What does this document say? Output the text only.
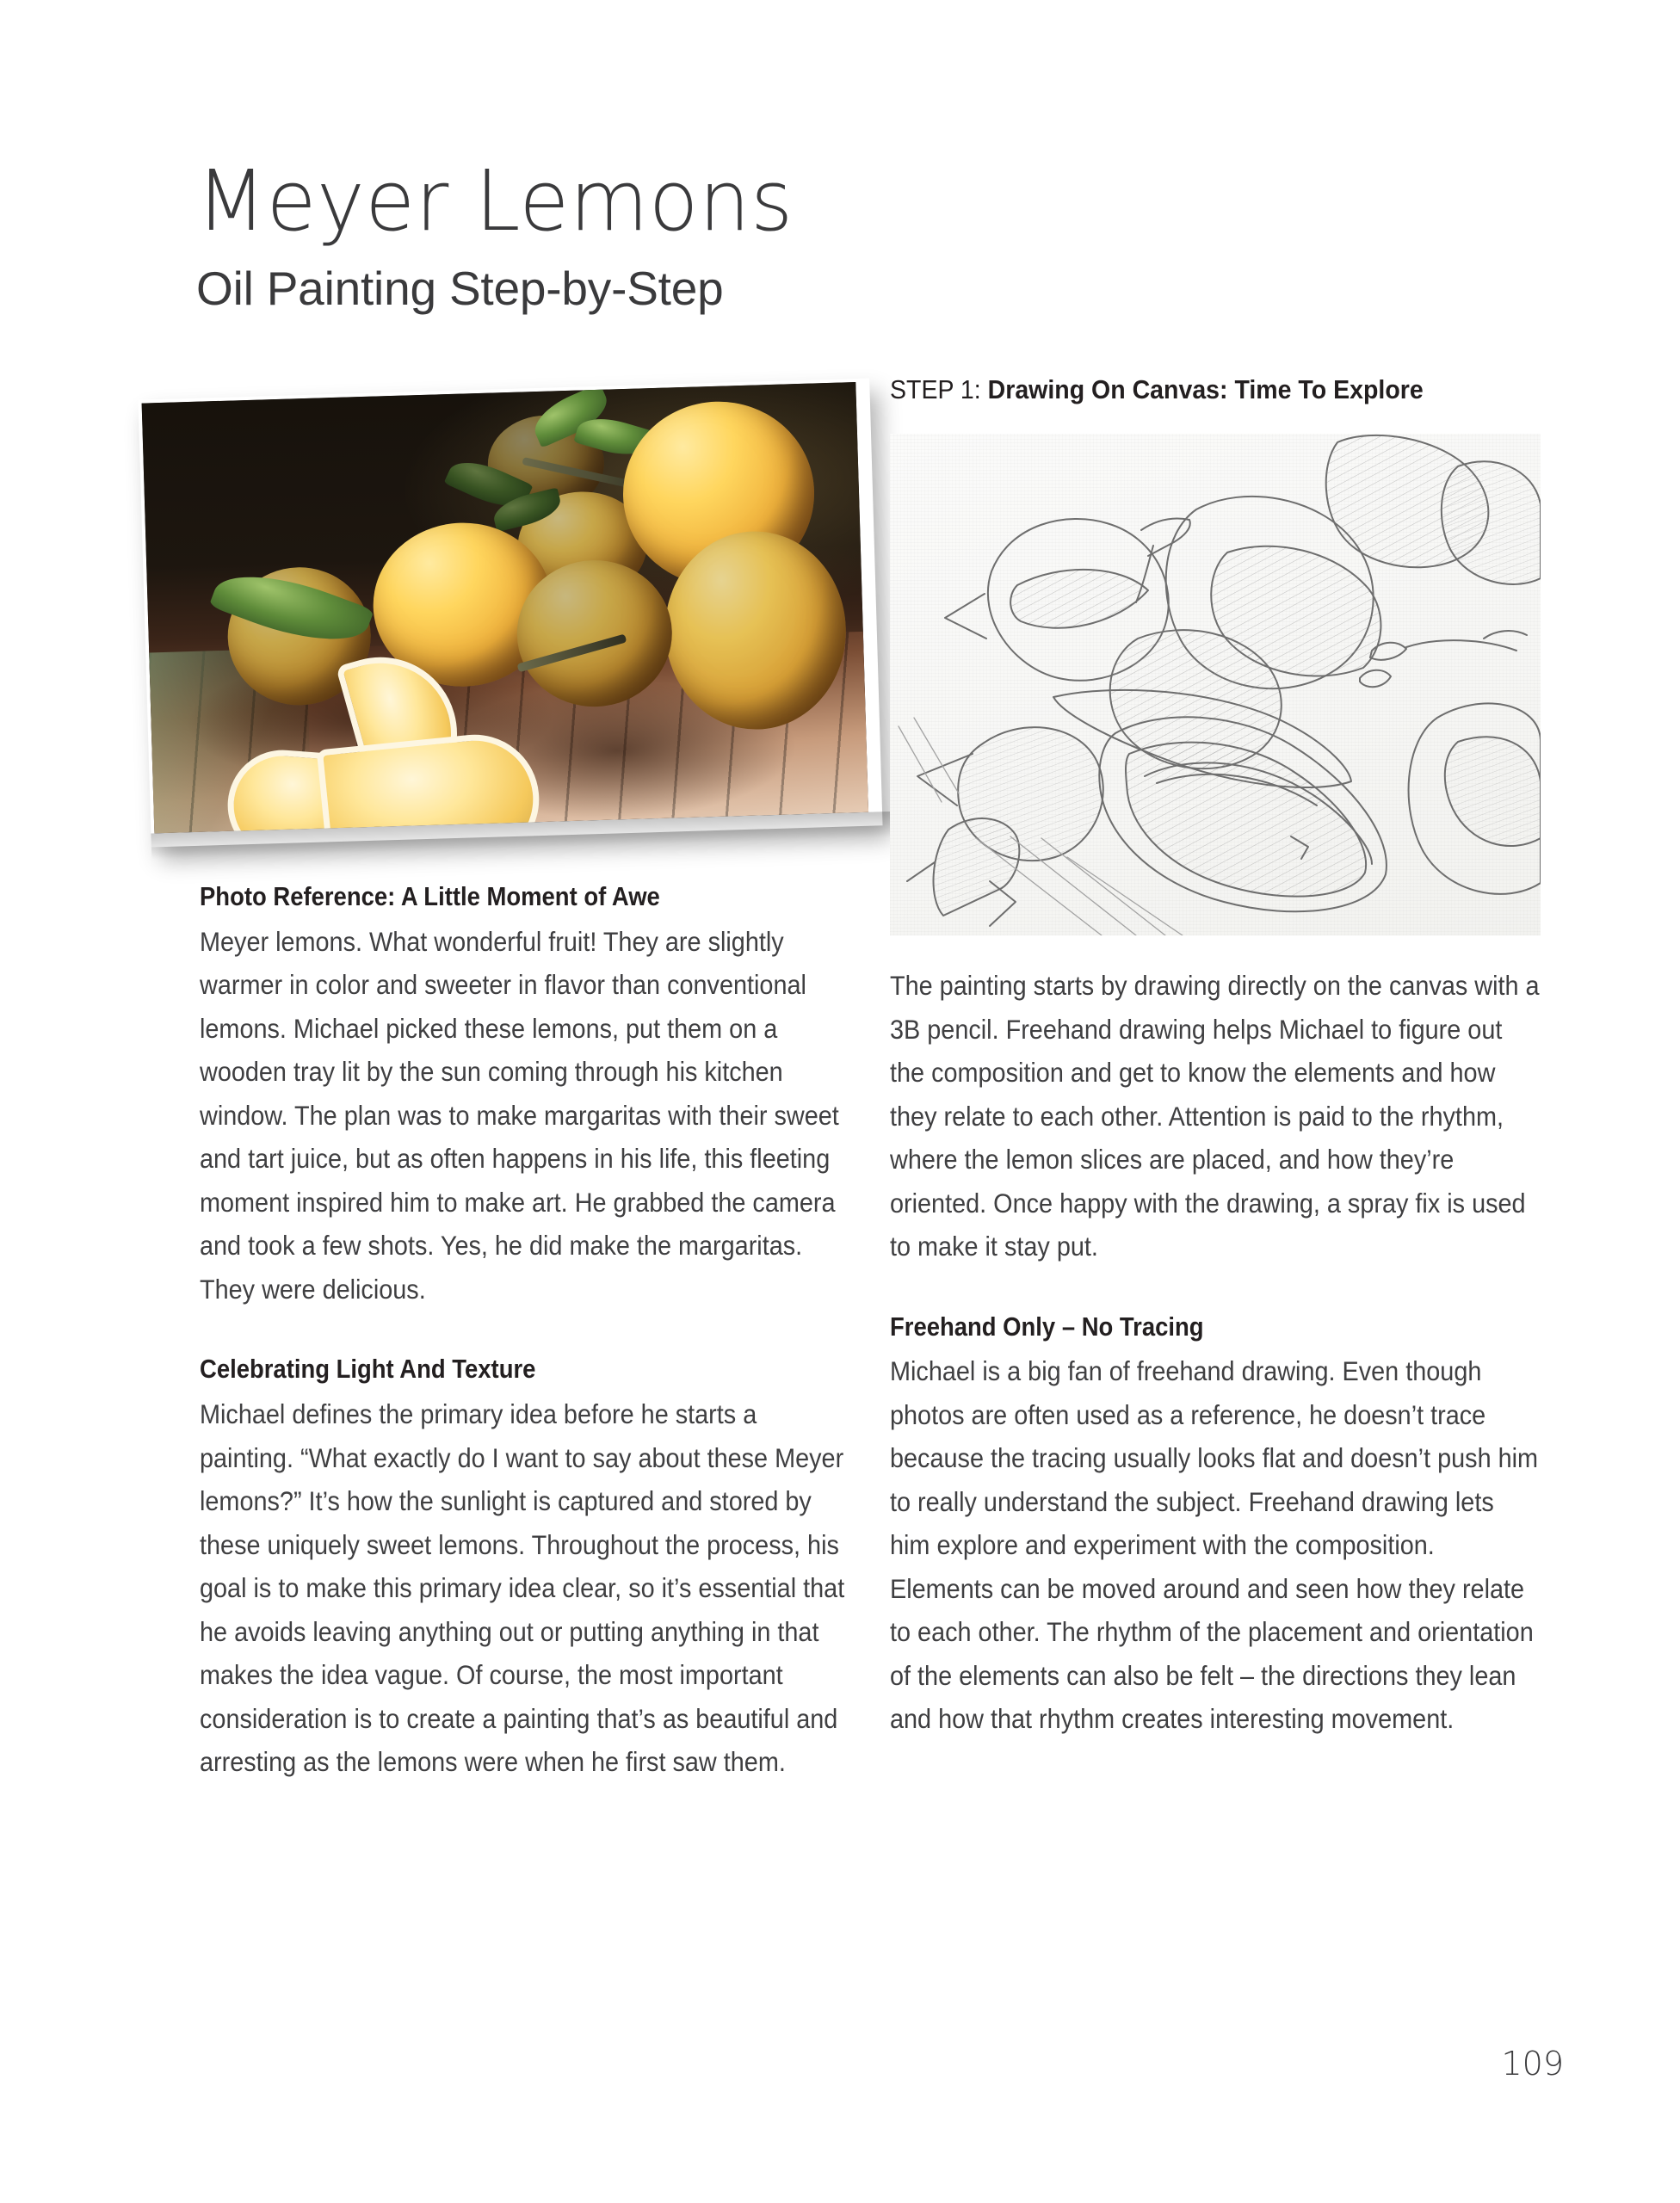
Meyer Lemons
Oil Painting Step-by-Step
STEP 1: Drawing On Canvas: Time To Explore
Photo Reference: A Little Moment of Awe

Meyer lemons. What wonderful fruit! They are slightly warmer in color and sweeter in flavor than conventional lemons. Michael picked these lemons, put them on a wooden tray lit by the sun coming through his kitchen window. The plan was to make margaritas with their sweet and tart juice, but as often happens in his life, this fleeting moment inspired him to make art. He grabbed the camera and took a few shots. Yes, he did make the margaritas. They were delicious.

Celebrating Light And Texture

Michael defines the primary idea before he starts a painting. “What exactly do I want to say about these Meyer lemons?” It’s how the sunlight is captured and stored by these uniquely sweet lemons. Throughout the process, his goal is to make this primary idea clear, so it’s essential that he avoids leaving anything out or putting anything in that makes the idea vague. Of course, the most important consideration is to create a painting that’s as beautiful and arresting as the lemons were when he first saw them.

The painting starts by drawing directly on the canvas with a 3B pencil. Freehand drawing helps Michael to figure out the composition and get to know the elements and how they relate to each other. Attention is paid to the rhythm, where the lemon slices are placed, and how they’re oriented. Once happy with the drawing, a spray fix is used to make it stay put.

Freehand Only – No Tracing

Michael is a big fan of freehand drawing. Even though photos are often used as a reference, he doesn’t trace because the tracing usually looks flat and doesn’t push him to really understand the subject. Freehand drawing lets him explore and experiment with the composition. Elements can be moved around and seen how they relate to each other. The rhythm of the placement and orientation of the elements can also be felt – the directions they lean and how that rhythm creates interesting movement.

109
